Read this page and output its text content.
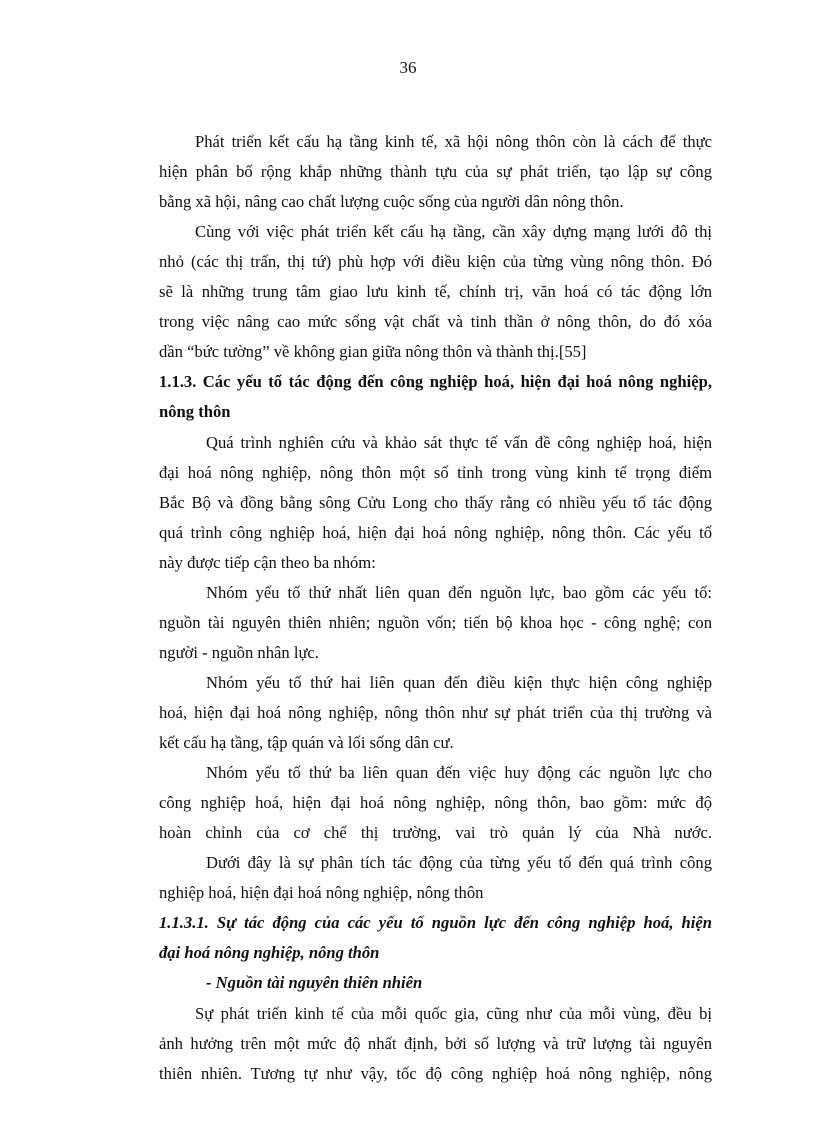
36
Phát triển kết cấu hạ tầng kinh tế, xã hội nông thôn còn là cách để thực
hiện phân bố rộng khắp những thành tựu của sự phát triển, tạo lập sự công
bằng xã hội, nâng cao chất lượng cuộc sống của người dân nông thôn.
Cùng với việc phát triển kết cấu hạ tầng, cần xây dựng mạng lưới đô thị
nhỏ (các thị trấn, thị tứ) phù hợp với điều kiện của từng vùng nông thôn. Đó
sẽ là những trung tâm giao lưu kinh tế, chính trị, văn hoá có tác động lớn
trong việc nâng cao mức sống vật chất và tinh thần ở nông thôn, do đó xóa
dần “bức tường” về không gian giữa nông thôn và thành thị.[55]
1.1.3. Các yếu tố tác động đến công nghiệp hoá, hiện đại hoá nông nghiệp,
nông thôn
Quá trình nghiên cứu và khảo sát thực tế vấn đề công nghiệp hoá, hiện
đại hoá nông nghiệp, nông thôn một số tỉnh trong vùng kinh tế trọng điểm
Bắc Bộ và đồng bằng sông Cửu Long cho thấy rằng có nhiều yếu tố tác động
quá trình công nghiệp hoá, hiện đại hoá nông nghiệp, nông thôn. Các yếu tố
này được tiếp cận theo ba nhóm:
Nhóm yếu tố thứ nhất liên quan đến nguồn lực, bao gồm các yếu tố:
nguồn tài nguyên thiên nhiên; nguồn vốn; tiến bộ khoa học - công nghệ; con
người - nguồn nhân lực.
Nhóm yếu tố thứ hai liên quan đến điều kiện thực hiện công nghiệp
hoá, hiện đại hoá nông nghiệp, nông thôn như sự phát triển của thị trường và
kết cấu hạ tầng, tập quán và lối sống dân cư.
Nhóm yếu tố thứ ba liên quan đến việc huy động các nguồn lực cho
công nghiệp hoá, hiện đại hoá nông nghiệp, nông thôn, bao gồm: mức độ
hoàn chỉnh của cơ chế thị trường, vai trò quản lý của Nhà nước.
Dưới đây là sự phân tích tác động của từng yếu tố đến quá trình công
nghiệp hoá, hiện đại hoá nông nghiệp, nông thôn
1.1.3.1. Sự tác động của các yếu tố nguồn lực đến công nghiệp hoá, hiện
đại hoá nông nghiệp, nông thôn
- Nguồn tài nguyên thiên nhiên
Sự phát triển kinh tế của mỗi quốc gia, cũng như của mỗi vùng, đều bị
ảnh hưởng trên một mức độ nhất định, bởi số lượng và trữ lượng tài nguyên
thiên nhiên. Tương tự như vậy, tốc độ công nghiệp hoá nông nghiệp, nông
